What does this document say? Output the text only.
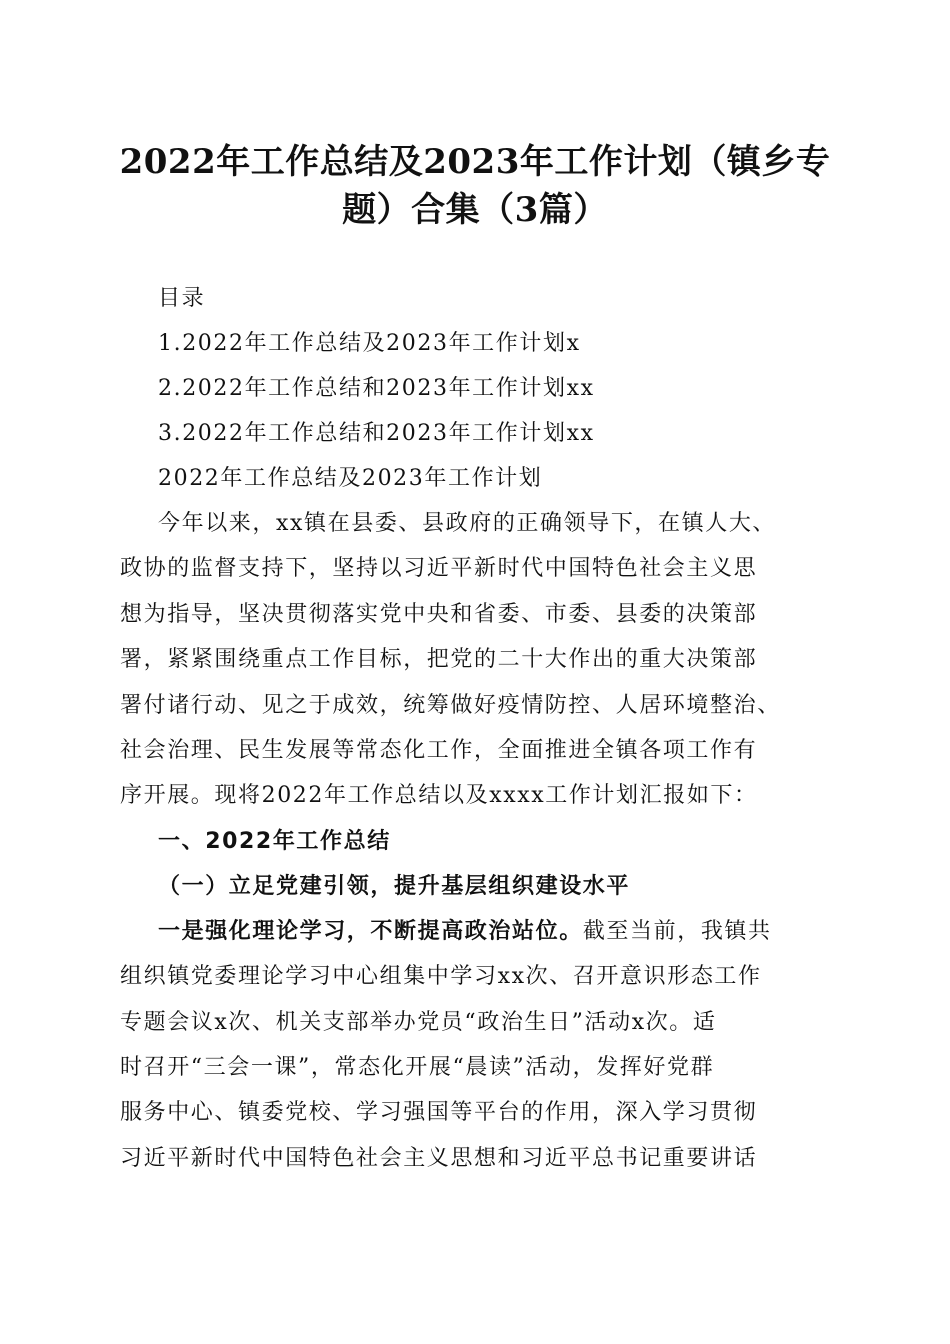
2022年工作总结及2023年工作计划（镇乡专
题）合集（3篇）
目录
1.2022年工作总结及2023年工作计划x
2.2022年工作总结和2023年工作计划xx
3.2022年工作总结和2023年工作计划xx
2022年工作总结及2023年工作计划
今年以来，xx镇在县委、县政府的正确领导下，在镇人大、
政协的监督支持下，坚持以习近平新时代中国特色社会主义思
想为指导，坚决贯彻落实党中央和省委、市委、县委的决策部
署，紧紧围绕重点工作目标，把党的二十大作出的重大决策部
署付诸行动、见之于成效，统筹做好疫情防控、人居环境整治、
社会治理、民生发展等常态化工作，全面推进全镇各项工作有
序开展。现将2022年工作总结以及xxxx工作计划汇报如下：
一、2022年工作总结
（一）立足党建引领，提升基层组织建设水平
一是强化理论学习，不断提高政治站位。截至当前，我镇共
组织镇党委理论学习中心组集中学习xx次、召开意识形态工作
专题会议x次、机关支部举办党员“政治生日”活动x次。适
时召开“三会一课”，常态化开展“晨读”活动，发挥好党群
服务中心、镇委党校、学习强国等平台的作用，深入学习贯彻
习近平新时代中国特色社会主义思想和习近平总书记重要讲话
